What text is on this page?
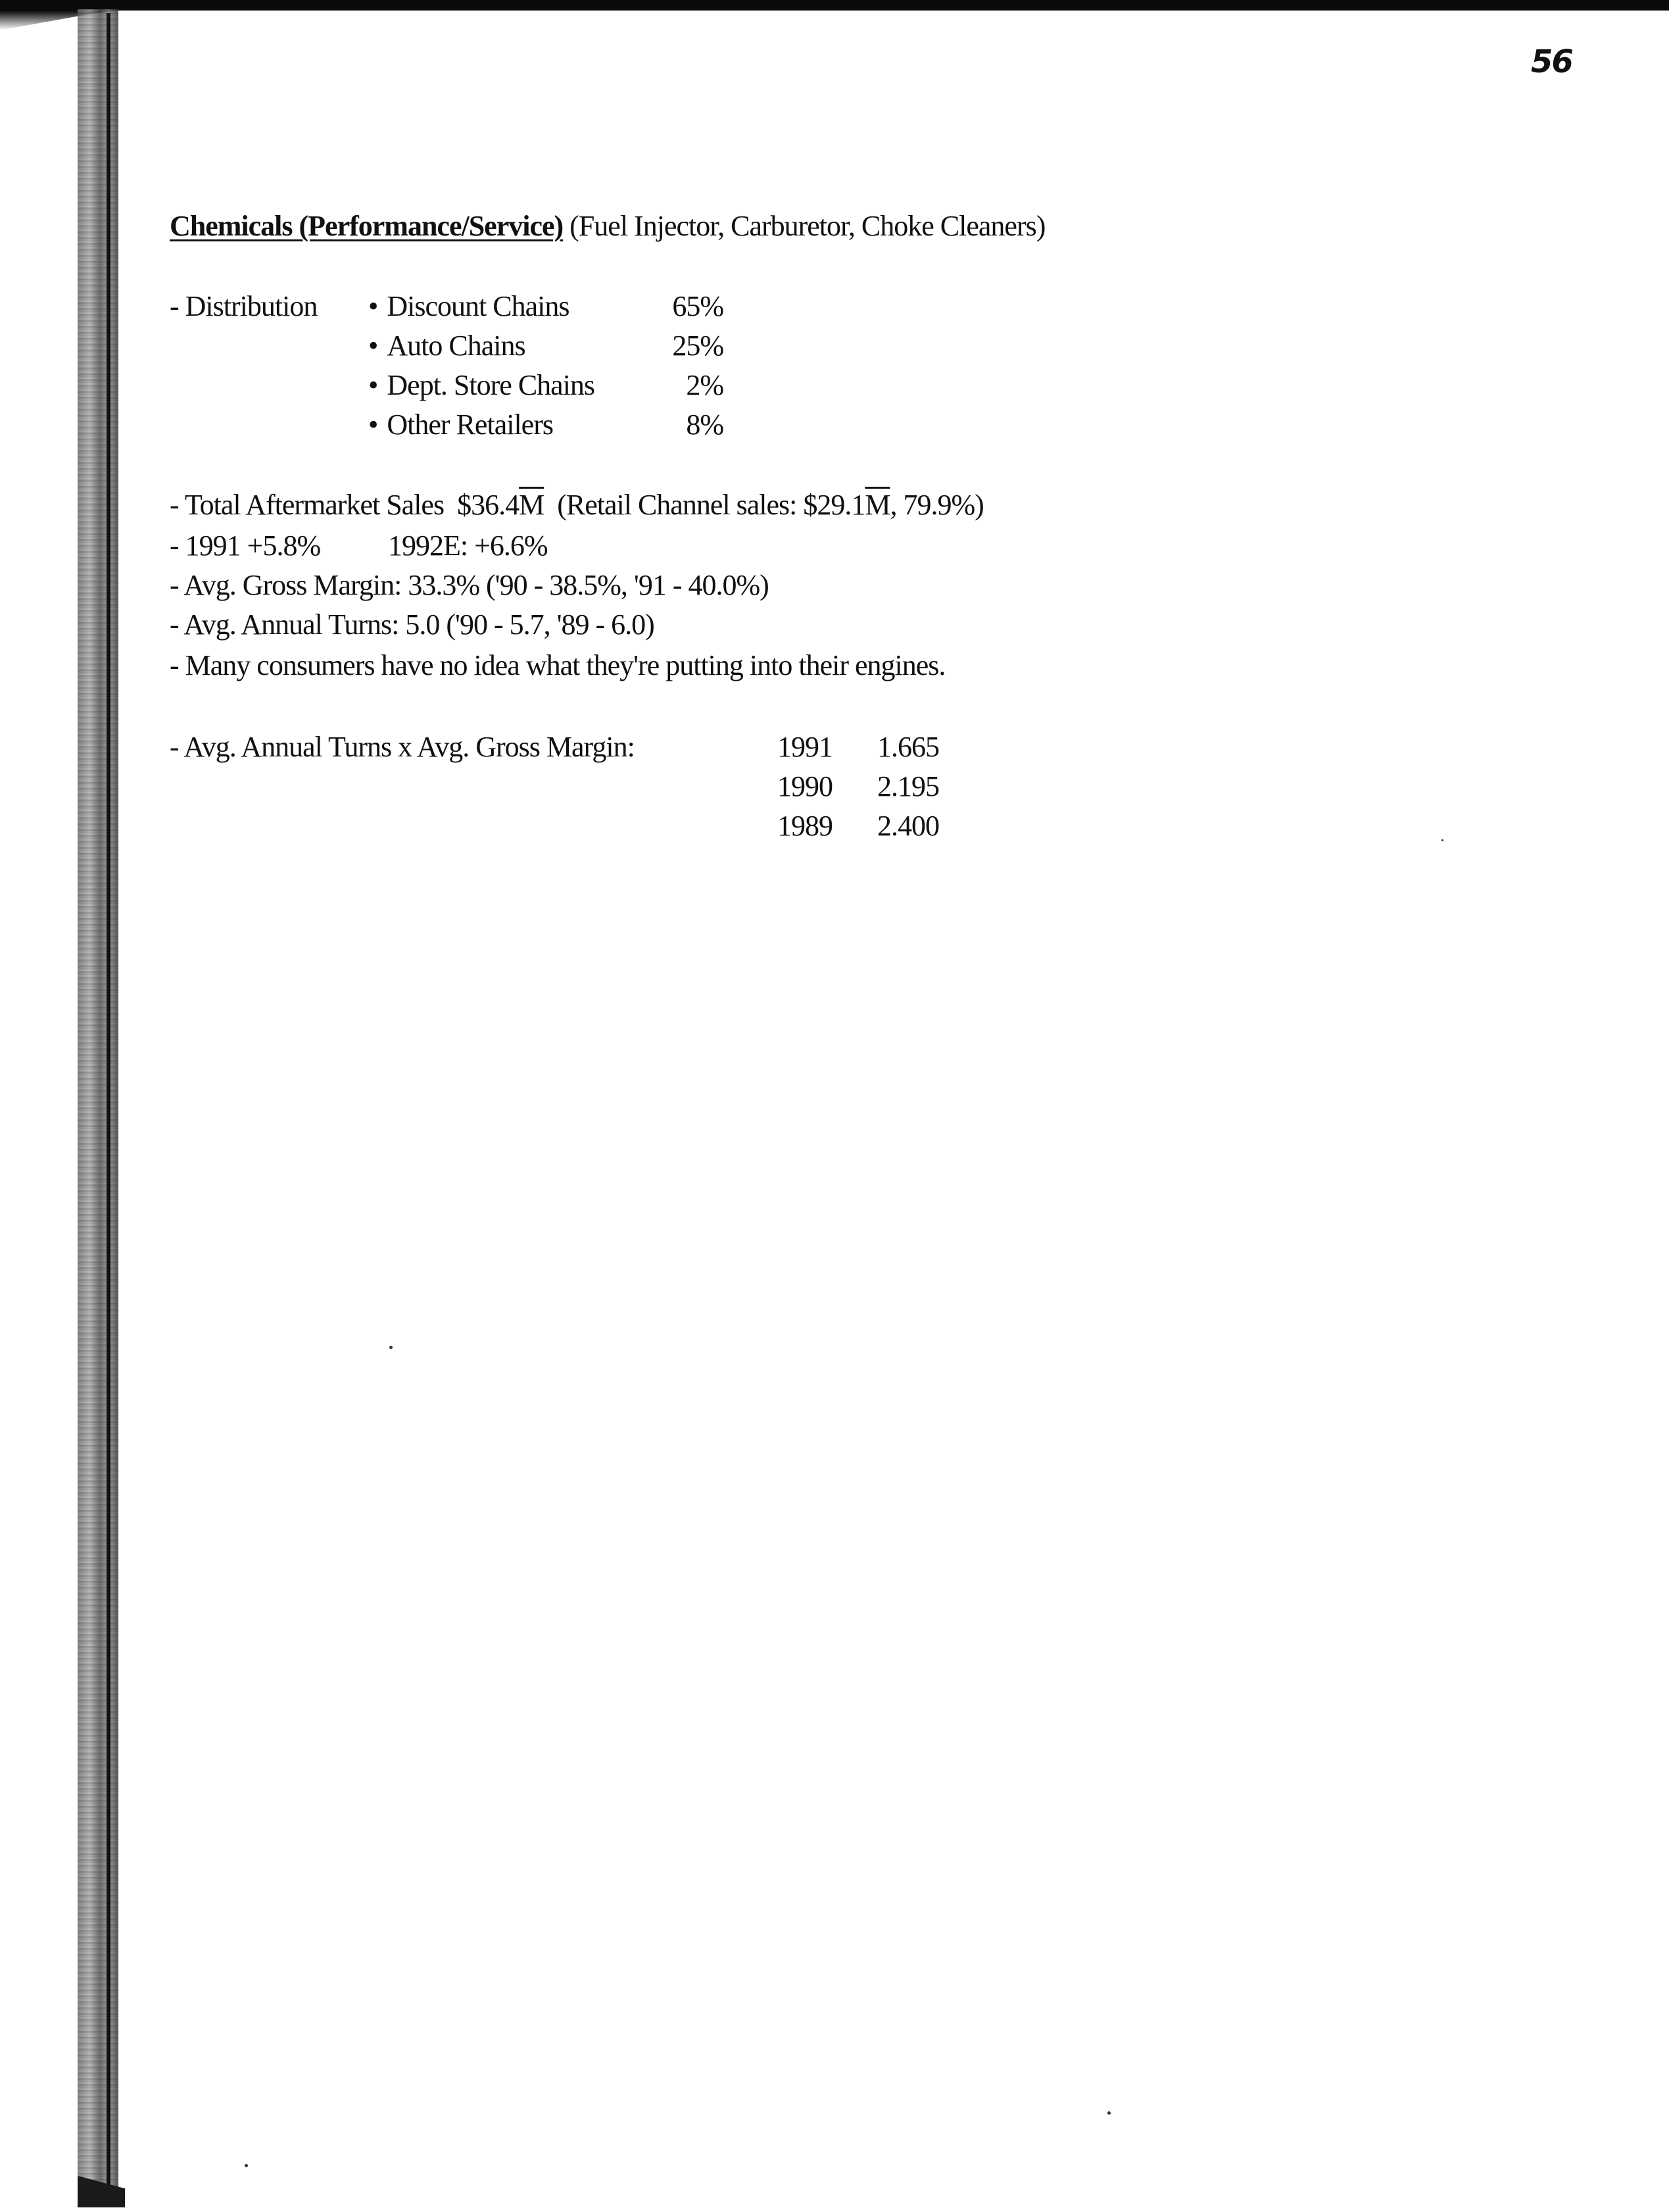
56
Chemicals (Performance/Service) (Fuel Injector, Carburetor, Choke Cleaners)
- Distribution	• Discount Chains	65%
• Auto Chains	25%
• Dept. Store Chains	2%
• Other Retailers	8%
- Total Aftermarket Sales $\$36.4\overline{M}$ (Retail Channel sales: $\$29.1\overline{M}$, 79.9%)
- 1991 +5.8% 1992E: +6.6%
- Avg. Gross Margin: 33.3% ('90 - 38.5%, '91 - 40.0%)
- Avg. Annual Turns: 5.0 ('90 - 5.7, '89 - 6.0)
- Many consumers have no idea what they're putting into their engines.
- Avg. Annual Turns x Avg. Gross Margin:	1991 1.665
1990 2.195
1989 2.400
